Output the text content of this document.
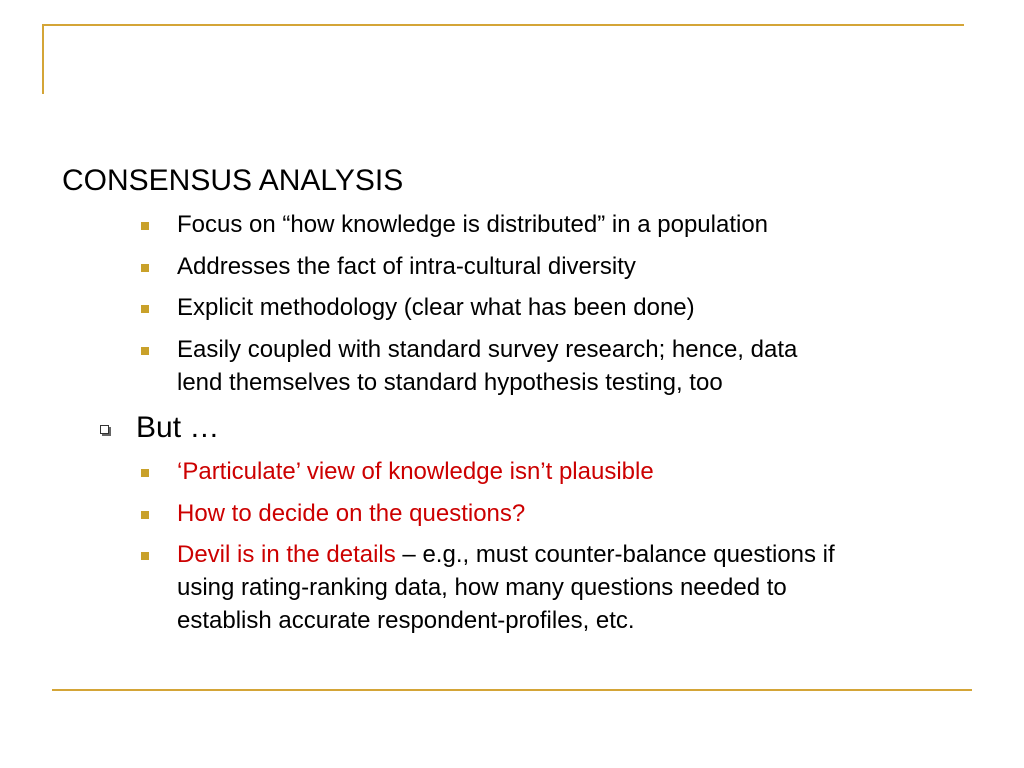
CONSENSUS ANALYSIS
Focus on “how knowledge is distributed” in a population
Addresses the fact of intra-cultural diversity
Explicit methodology (clear what has been done)
Easily coupled with standard survey research; hence, data
lend themselves to standard hypothesis testing, too
But …
‘Particulate’ view of knowledge isn’t plausible
How to decide on the questions?
Devil is in the details – e.g., must counter-balance questions if
using rating-ranking data, how many questions needed to
establish accurate respondent-profiles, etc.
